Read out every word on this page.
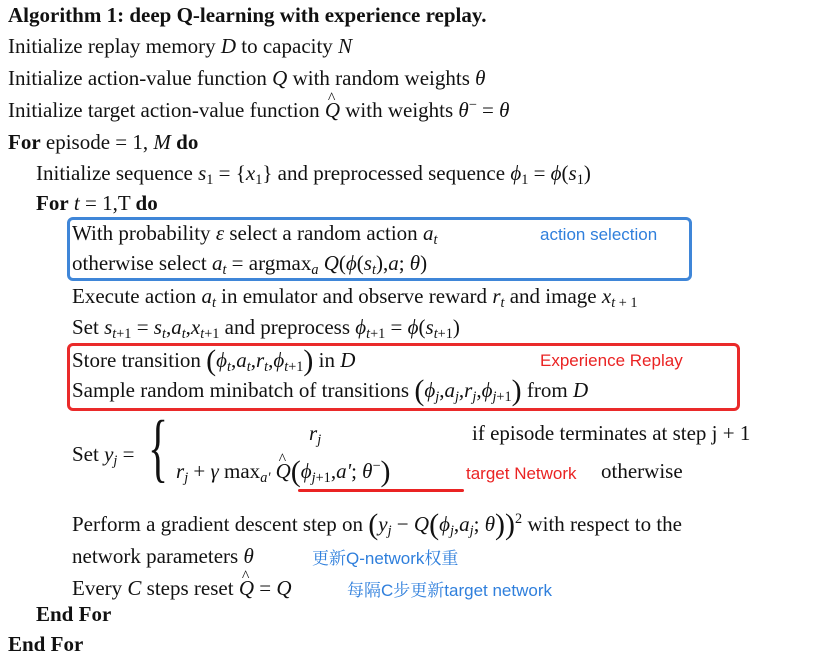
Algorithm 1: deep Q-learning with experience replay.
Initialize replay memory D to capacity N
Initialize action-value function Q with random weights θ
Initialize target action-value function ^ Q with weights θ− = θ
For episode = 1, M do
Initialize sequence $s_1 = \{x_1\}$ and preprocessed sequence $\phi_1 = \phi(s_1)$
For t = 1,T do
With probability ε select a random action $a_t$	action selection
otherwise select $a_t = argmax_a$ $Q(\phi(s_t),a$; θ)
Execute action $a_t$ in emulator and observe reward $r_t$ and image $x_{t + 1}$
Set $s_{t+1} = s_t,a_t,x_{t+1}$ and preprocess $\phi_{t+1} = \phi(s_{t+1})$
Store transition $(\phi_t,a_t,r_t,\phi_{t+1})$ in D	Experience Replay
Sample random minibatch of transitions $(\phi_j,a_j,r_j,\phi_{j+1})$ from D
Set $y_j$ = {	$r_j$	if episode terminates at step j + 1
$r_j + \gamma$ $\max_{a'}$ ^ $Q(\phi_{j+1},a'$; θ−)	target Network otherwise
Perform a gradient descent step on ($y_j - Q(\phi_j,a_j$; θ))$^2$ with respect to the
network parameters θ	更新Q-network权重
Every C steps reset ^ Q = Q	每隔C步更新target network
End For
End For
